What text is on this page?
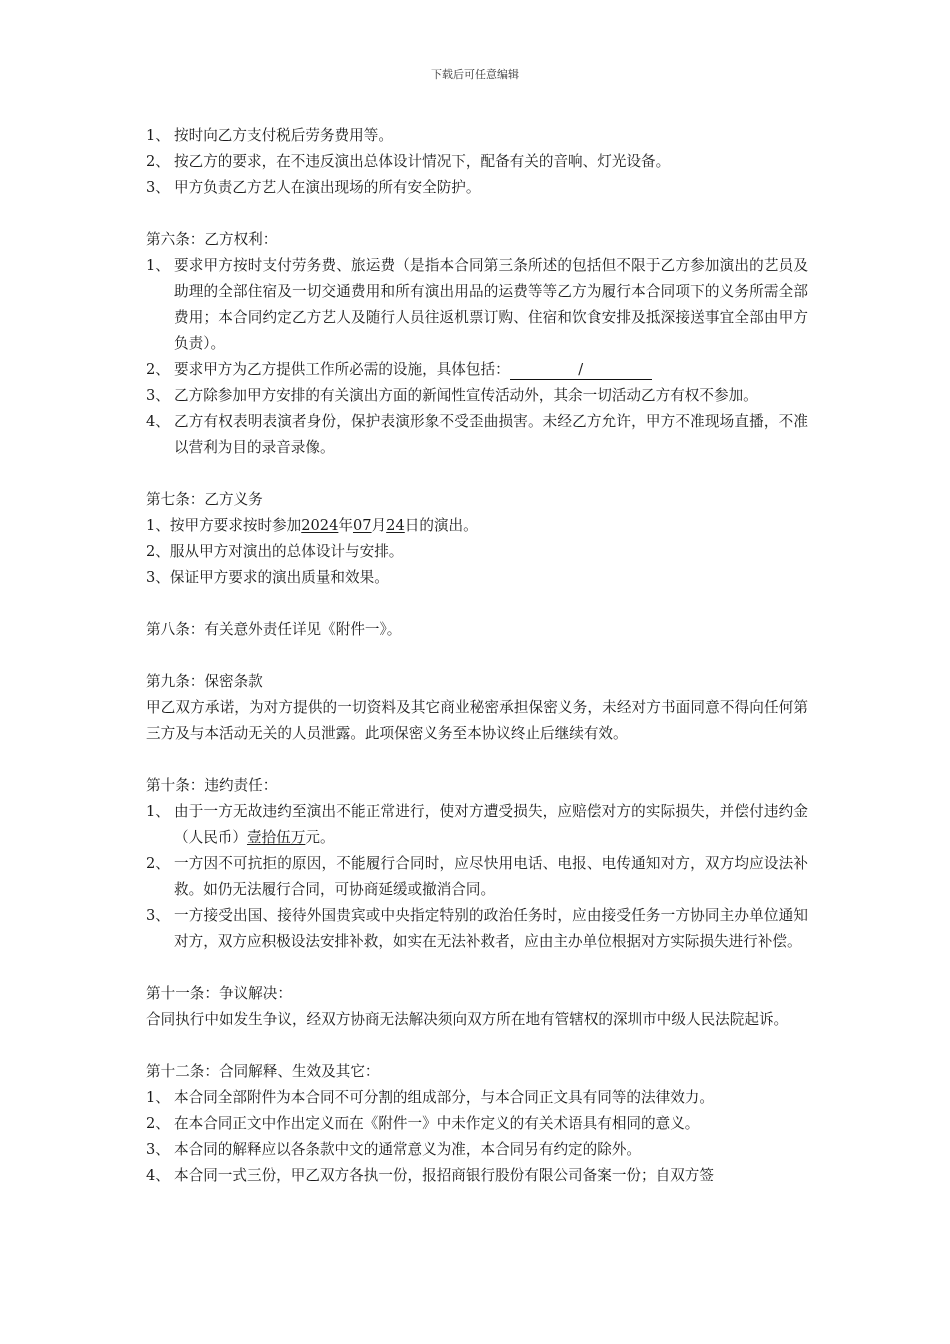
下载后可任意编辑
1、 按时向乙方支付税后劳务费用等。
2、 按乙方的要求，在不违反演出总体设计情况下，配备有关的音响、灯光设备。
3、 甲方负责乙方艺人在演出现场的所有安全防护。
第六条：乙方权利：
1、 要求甲方按时支付劳务费、旅运费（是指本合同第三条所述的包括但不限于乙方参加演出的艺员及助理的全部住宿及一切交通费用和所有演出用品的运费等等乙方为履行本合同项下的义务所需全部费用；本合同约定乙方艺人及随行人员往返机票订购、住宿和饮食安排及抵深接送事宜全部由甲方负责）。
2、 要求甲方为乙方提供工作所必需的设施，具体包括：	/
3、 乙方除参加甲方安排的有关演出方面的新闻性宣传活动外，其余一切活动乙方有权不参加。
4、 乙方有权表明表演者身份，保护表演形象不受歪曲损害。未经乙方允许，甲方不准现场直播，不准以营利为目的录音录像。
第七条：乙方义务
1、按甲方要求按时参加2024年07月24日的演出。
2、服从甲方对演出的总体设计与安排。
3、保证甲方要求的演出质量和效果。
第八条：有关意外责任详见《附件一》。
第九条：保密条款
甲乙双方承诺，为对方提供的一切资料及其它商业秘密承担保密义务，未经对方书面同意不得向任何第三方及与本活动无关的人员泄露。此项保密义务至本协议终止后继续有效。
第十条：违约责任：
1、 由于一方无故违约至演出不能正常进行，使对方遭受损失，应赔偿对方的实际损失，并偿付违约金（人民币）壹拾伍万元。
2、 一方因不可抗拒的原因，不能履行合同时，应尽快用电话、电报、电传通知对方，双方均应设法补救。如仍无法履行合同，可协商延缓或撤消合同。
3、 一方接受出国、接待外国贵宾或中央指定特别的政治任务时，应由接受任务一方协同主办单位通知对方，双方应积极设法安排补救，如实在无法补救者，应由主办单位根据对方实际损失进行补偿。
第十一条：争议解决：
合同执行中如发生争议，经双方协商无法解决须向双方所在地有管辖权的深圳市中级人民法院起诉。
第十二条：合同解释、生效及其它：
1、 本合同全部附件为本合同不可分割的组成部分，与本合同正文具有同等的法律效力。
2、 在本合同正文中作出定义而在《附件一》中未作定义的有关术语具有相同的意义。
3、 本合同的解释应以各条款中文的通常意义为准，本合同另有约定的除外。
4、 本合同一式三份，甲乙双方各执一份，报招商银行股份有限公司备案一份；自双方签
